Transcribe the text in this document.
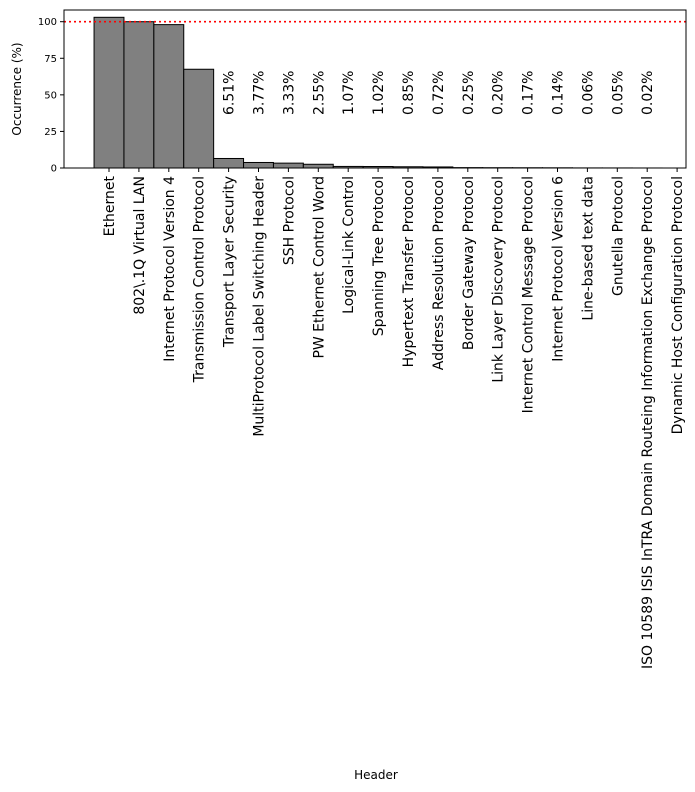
0
25
50
75
100
Ethernet 802\.1Q Virtual LAN Internet Protocol Version 4 Transmission Control Protocol Transport Layer Security MultiProtocol Label Switching Header SSH Protocol PW Ethernet Control Word Logical-Link Control Spanning Tree Protocol Hypertext Transfer Protocol Address Resolution Protocol Border Gateway Protocol Link Layer Discovery Protocol Internet Control Message Protocol Internet Protocol Version 6 Line-based text data Gnutella Protocol ISO 10589 ISIS InTRA Domain Routeing Information Exchange Protocol Dynamic Host Configuration Protocol
6.51% 3.77% 3.33% 2.55% 1.07% 1.02% 0.85% 0.72% 0.25% 0.20% 0.17% 0.14% 0.06% 0.05% 0.02%
Occurrence (%)
Header
